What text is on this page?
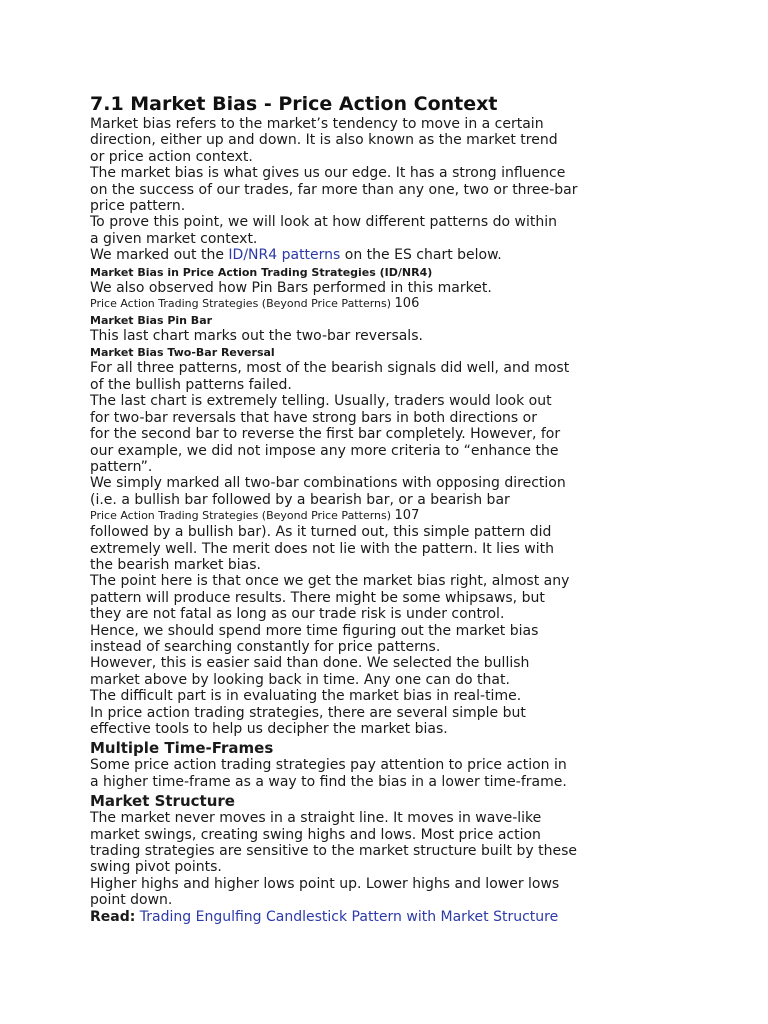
7.1 Market Bias - Price Action Context
Market bias refers to the market’s tendency to move in a certain
direction, either up and down. It is also known as the market trend
or price action context.
The market bias is what gives us our edge. It has a strong influence
on the success of our trades, far more than any one, two or three-bar
price pattern.
To prove this point, we will look at how different patterns do within
a given market context.
We marked out the ID/NR4 patterns on the ES chart below.
Market Bias in Price Action Trading Strategies (ID/NR4)
We also observed how Pin Bars performed in this market.
Price Action Trading Strategies (Beyond Price Patterns) 106
Market Bias Pin Bar
This last chart marks out the two-bar reversals.
Market Bias Two-Bar Reversal
For all three patterns, most of the bearish signals did well, and most
of the bullish patterns failed.
The last chart is extremely telling. Usually, traders would look out
for two-bar reversals that have strong bars in both directions or
for the second bar to reverse the first bar completely. However, for
our example, we did not impose any more criteria to “enhance the
pattern”.
We simply marked all two-bar combinations with opposing direction
(i.e. a bullish bar followed by a bearish bar, or a bearish bar
Price Action Trading Strategies (Beyond Price Patterns) 107
followed by a bullish bar). As it turned out, this simple pattern did
extremely well. The merit does not lie with the pattern. It lies with
the bearish market bias.
The point here is that once we get the market bias right, almost any
pattern will produce results. There might be some whipsaws, but
they are not fatal as long as our trade risk is under control.
Hence, we should spend more time figuring out the market bias
instead of searching constantly for price patterns.
However, this is easier said than done. We selected the bullish
market above by looking back in time. Any one can do that.
The difficult part is in evaluating the market bias in real-time.
In price action trading strategies, there are several simple but
effective tools to help us decipher the market bias.
Multiple Time-Frames
Some price action trading strategies pay attention to price action in
a higher time-frame as a way to find the bias in a lower time-frame.
Market Structure
The market never moves in a straight line. It moves in wave-like
market swings, creating swing highs and lows. Most price action
trading strategies are sensitive to the market structure built by these
swing pivot points.
Higher highs and higher lows point up. Lower highs and lower lows
point down.
Read: Trading Engulfing Candlestick Pattern with Market Structure
